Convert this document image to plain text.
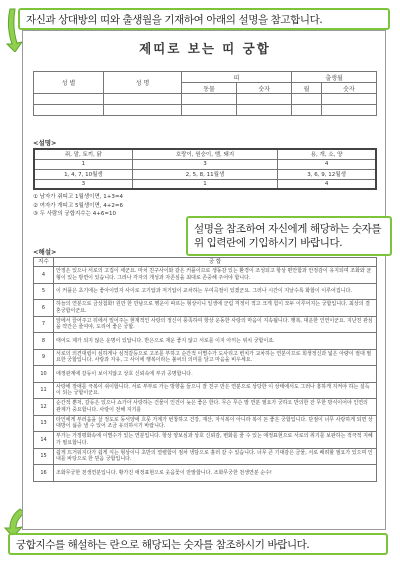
자신과 상대방의 띠와 출생월을 기재하여 아래의 설명을 참고합니다.
제띠로 보는 띠 궁합
성 별	성 명	띠		출생월	
		동물	숫자	월	숫자

<설명>
쥐, 말, 토끼, 닭	호랑이, 원숭이, 뱀, 돼지	용, 개, 소, 양
1	3	4
1, 4, 7, 10월생	2, 5, 8, 11월생	3, 6, 9, 12월생
3	1	4
① 남자가 쥐띠고 1월생이면, 1+3=4
② 여자가 개띠고 5월생이면, 4+2=6
③ 두 사람의 궁합지수는 4+6=10
<해설>
지수	궁 합
4	안정은 있으나 서로의 고집이 세군요. 마치 친구사이와 같은 커플이므로 생동감 있는 환경이 조성되고 항상 편안함과 안정감이 유지되며 조화와 균형이 있는 방면이 있습니다. 그러나 각자의 개성과 자존심을 최대로 존중해 주어야 합니다.
5	이 커플은 초기에는 좋아이었지 사이로 고기압과 저기압이 교차하는 우여곡절이 있겠군요. 그러나 시간이 지날수록 화합이 이루어집니다.
6	하늘의 연분으로 금상첨화! 원만 한 만남으로 행운이 따르는 형상이니 일생에 군림 걱정이 적고 크게 힘이 모두 이루어지는 궁합입니다. 최상의 결혼궁합이군요.
7	앞에서 끌어주고 뒤에서 밀어주는 현재적인 사랑의 정신이 풍족하여 항상 운동한 사랑의 마음이 지속됩니다. 행복, 대운한 인연이군요. 지난친 관심을 약간은 줄여야, 도리어 좋은 궁합.
8	태어도 제가 되지 않은 운명이 있답니다. 반은으로 재운 좋지 않고 서로를 이지 아끼는 위치 궁합이죠.
9	서로의 의견대립이 심하게나 심적갈등으로 고조를 부하고 순간적 이별수가 도사리고 변치가 교차하는 연분이므로 희생정신과 넓은 아량이 절대 필요한 궁합입니다. 사랑과 자유, 그 사이에 행복이라는 불씨의 의미를 달고 마음을 비우세요.
10	애정관계에 갈등이 보이지않고 상호 신뢰속에 부귀 공명합니다.
11	사랑에 장애를 극복이 쉬이합니다. 서로 부부로 가는 방향을 들으니 잘 친구 만은 연분으로 상당한 이 상태에서도 그러나 흥하게 지켜야 하는 설득이 되는 궁합이군요.
12	순간적 뿐처, 갈등은 있으나 쇼가아 사랑하는 건물이 인건이 늦은 좋은 한다. 무슨 무슨 말 연분 필요가 궁하오 반의한 잔 무한 방식이어야 인연의 관계가 중요합니다. 사랑이 전해 지기를
13	타인에게 부러움을 살 정도로 동서양에 흐뭇 가계가 번창하고 건강, 재산, 자식복이 아니라 복이 돈 좋은 궁합입니다. 단점이 너무 사랑하게 되면 상대방이 싫증 낼 수 있어 조금 유의하시기 바랍니다.
14	부가는 가정평화속에 이별수가 있는 연분입니다. 항상 양보심과 상호 신뢰감, 변화를 줄 수 있는 애정표현으로 서로의 취기를 보완하는 적극적 지혜가 필요합니다.
15	쉽게 뜨거워지다가 쉽게 식는 형상이니 초반의 열렬함이 점차 냉담으로 흘러 갈 수 있습니다. 너무 큰 기대감은 금물, 서로 배려할 필요가 있으며 인내를 바탕으로 한 믿음 궁합입니다.
16	조화무궁한 천생연분입니다. 황가진 애정표현으로 웃음꽃이 만발합니다. 조화무궁한 천생연분 순수!
설명을 참조하여 자신에게 해당하는 숫자를 위 입력란에 기입하시기 바랍니다.
궁합지수를 해설하는 란으로 해당되는 숫자를 참조하시기 바랍니다.
